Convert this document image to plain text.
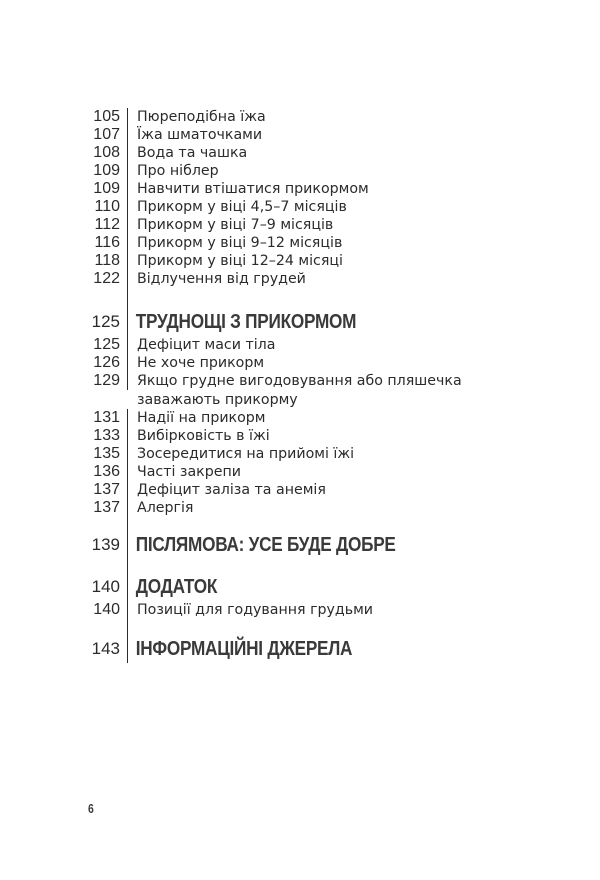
105	Пюреподібна їжа
107	Їжа шматочками
108	Вода та чашка
109	Про ніблер
109	Навчити втішатися прикормом
110	Прикорм у віці 4,5–7 місяців
112	Прикорм у віці 7–9 місяців
116	Прикорм у віці 9–12 місяців
118	Прикорм у віці 12–24 місяці
122	Відлучення від грудей
125 ТРУДНОЩІ З ПРИКОРМОМ
125	Дефіцит маси тіла
126	Не хоче прикорм
129	Якщо грудне вигодовування або пляшечка
заважають прикорму
131	Надії на прикорм
133	Вибірковість в їжі
135	Зосередитися на прийомі їжі
136	Часті закрепи
137	Дефіцит заліза та анемія
137	Алергія
139 ПІСЛЯМОВА: УСЕ БУДЕ ДОБРЕ
140 ДОДАТОК
140	Позиції для годування грудьми
143 ІНФОРМАЦІЙНІ ДЖЕРЕЛА
6
